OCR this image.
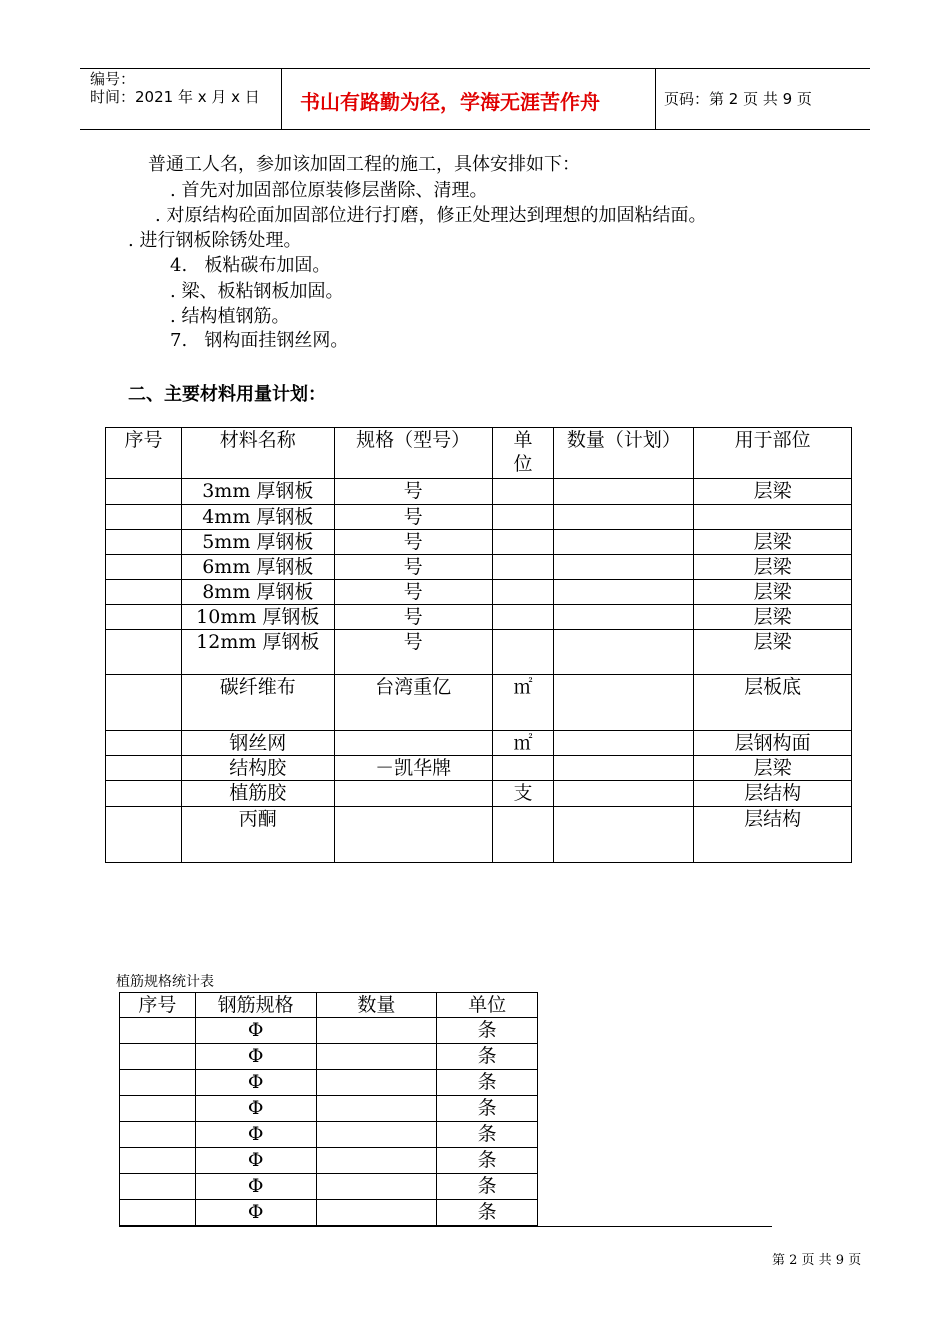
编号：
时间：2021 年 x 月 x 日 书山有路勤为径，学海无涯苦作舟	页码：第 2 页 共 9 页
普通工人名，参加该加固工程的施工，具体安排如下：
. 首先对加固部位原装修层凿除、清理。
. 对原结构砼面加固部位进行打磨，修正处理达到理想的加固粘结面。
. 进行钢板除锈处理。
4.   板粘碳布加固。
. 梁、板粘钢板加固。
. 结构植钢筋。
7.   钢构面挂钢丝网。
二、主要材料用量计划：
序号	材料名称	规格（型号）	单位	数量（计划）	用于部位
	3mm 厚钢板	号			层梁
	4mm 厚钢板	号			
	5mm 厚钢板	号			层梁
	6mm 厚钢板	号			层梁
	8mm 厚钢板	号			层梁
	10mm 厚钢板	号			层梁
	12mm 厚钢板	号			层梁
	碳纤维布	台湾重亿	㎡		层板底
	钢丝网		㎡		层钢构面
	结构胶	－凯华牌			层梁
	植筋胶		支		层结构
	丙酮				层结构
植筋规格统计表
序号	钢筋规格	数量	单位
	Φ		条
	Φ		条
	Φ		条
	Φ		条
	Φ		条
	Φ		条
	Φ		条
	Φ		条
第 2 页 共 9 页
